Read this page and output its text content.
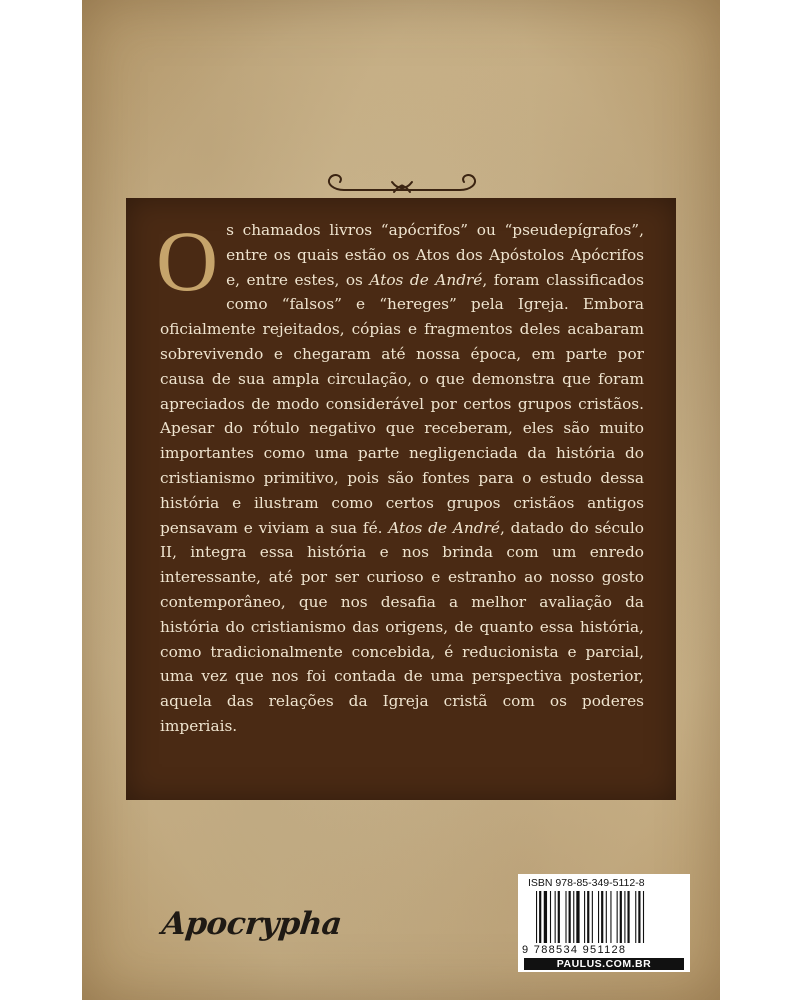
Os chamados livros “apócrifos” ou “pseudepígrafos”, entre os quais estão os Atos dos Apóstolos Apócrifos e, entre estes, os Atos de André, foram classificados como “falsos” e “hereges” pela Igreja. Embora oficialmente rejeitados, cópias e fragmentos deles acabaram sobrevivendo e chegaram até nossa época, em parte por causa de sua ampla circulação, o que demonstra que foram apreciados de modo considerável por certos grupos cristãos. Apesar do rótulo negativo que receberam, eles são muito importantes como uma parte negligenciada da história do cristianismo primitivo, pois são fontes para o estudo dessa história e ilustram como certos grupos cristãos antigos pensavam e viviam a sua fé. Atos de André, datado do século II, integra essa história e nos brinda com um enredo interessante, até por ser curioso e estranho ao nosso gosto contemporâneo, que nos desafia a melhor avaliação da história do cristianismo das origens, de quanto essa história, como tradicionalmente concebida, é reducionista e parcial, uma vez que nos foi contada de uma perspectiva posterior, aquela das relações da Igreja cristã com os poderes imperiais.
Apocrypha
ISBN 978-85-349-5112-8
9 788534 951128
PAULUS.COM.BR
